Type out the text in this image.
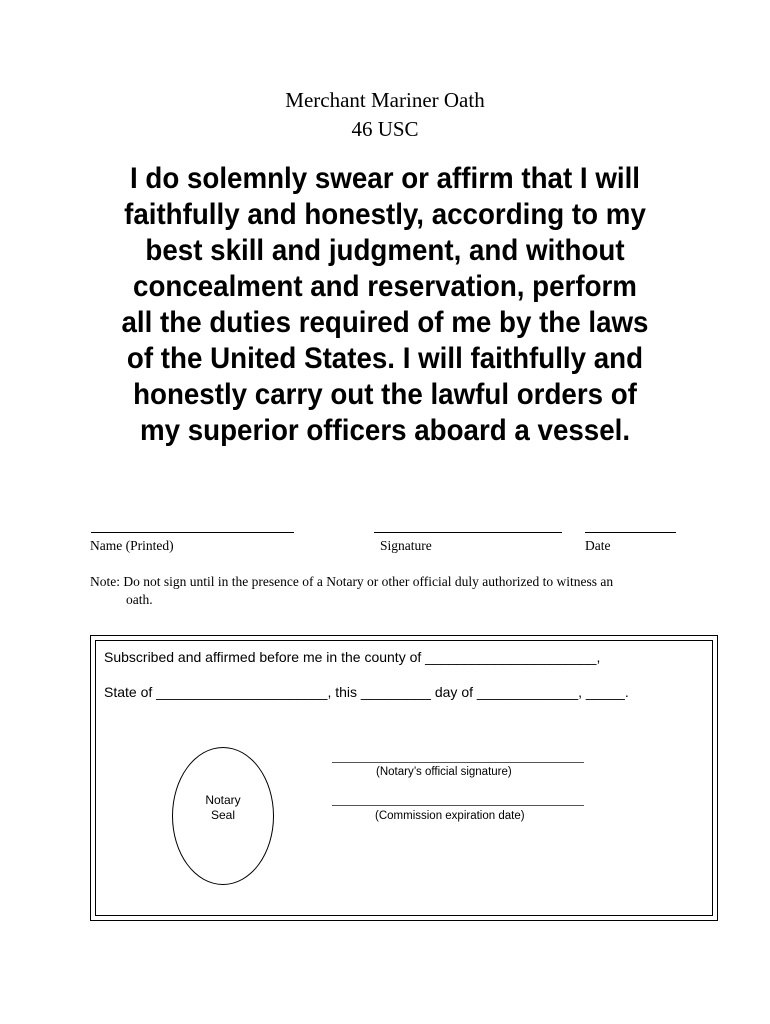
Merchant Mariner Oath
46 USC
I do solemnly swear or affirm that I will
faithfully and honestly, according to my
best skill and judgment, and without
concealment and reservation, perform
all the duties required of me by the laws
of the United States. I will faithfully and
honestly carry out the lawful orders of
my superior officers aboard a vessel.
Name (Printed)	Signature	Date
Note: Do not sign until in the presence of a Notary or other official duly authorized to witness an
oath.
Subscribed and affirmed before me in the county of ______________________,
State of ______________________, this _________ day of _____________, _____.
Notary
Seal
(Notary’s official signature)
(Commission expiration date)
